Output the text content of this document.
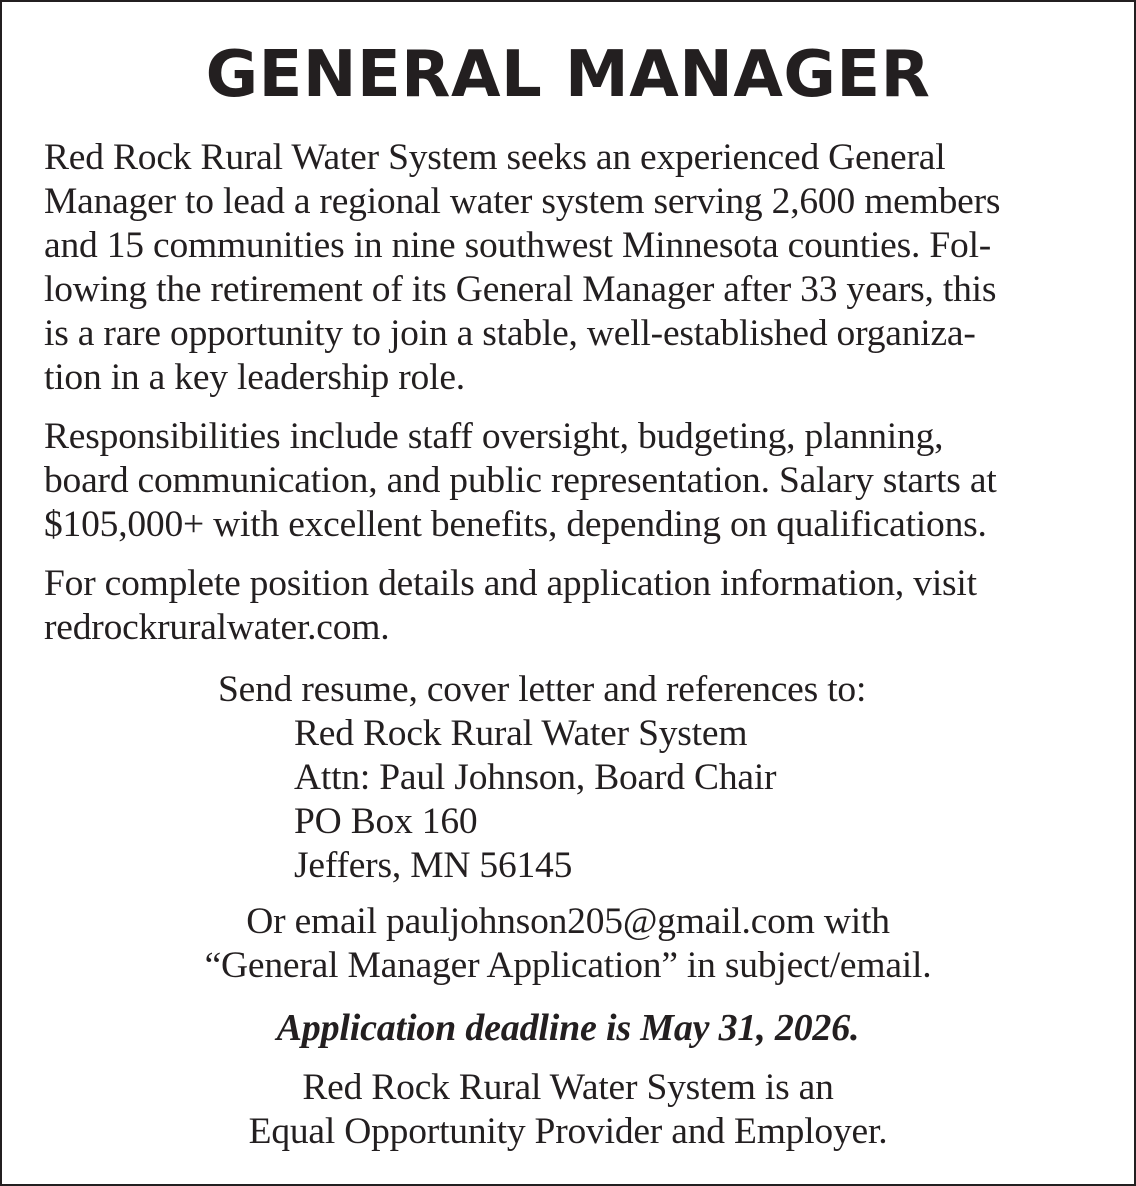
GENERAL MANAGER

Red Rock Rural Water System seeks an experienced General
Manager to lead a regional water system serving 2,600 members
and 15 communities in nine southwest Minnesota counties. Fol-
lowing the retirement of its General Manager after 33 years, this
is a rare opportunity to join a stable, well-established organiza-
tion in a key leadership role.

Responsibilities include staff oversight, budgeting, planning,
board communication, and public representation. Salary starts at
$105,000+ with excellent benefits, depending on qualifications.

For complete position details and application information, visit
redrockruralwater.com.

Send resume, cover letter and references to:
Red Rock Rural Water System
Attn: Paul Johnson, Board Chair
PO Box 160
Jeffers, MN 56145

Or email pauljohnson205@gmail.com with
“General Manager Application” in subject/email.

Application deadline is May 31, 2026.

Red Rock Rural Water System is an
Equal Opportunity Provider and Employer.
